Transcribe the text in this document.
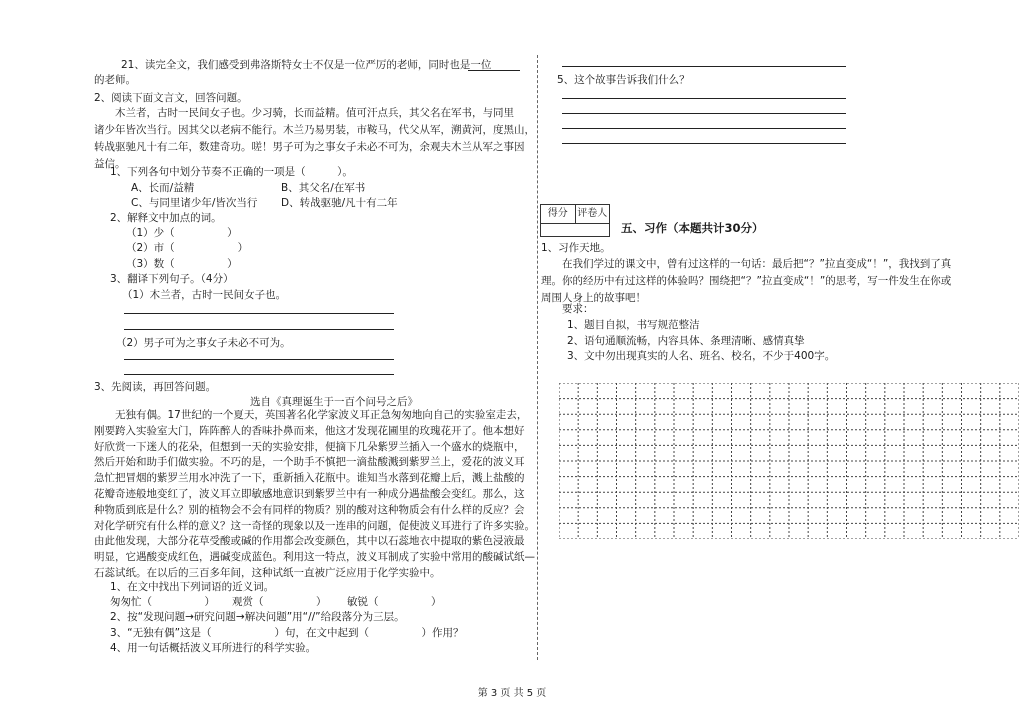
21、读完全文，我们感受到弗洛斯特女士不仅是一位严厉的老师，同时也是一位
的老师。
2、阅读下面文言文，回答问题。
　　木兰者，古时一民间女子也。少习骑，长而益精。值可汗点兵，其父名在军书，与同里
诸少年皆次当行。因其父以老病不能行。木兰乃易男装，市鞍马，代父从军，溯黄河，度黑山，
转战驱驰凡十有二年，数建奇功。嗟！男子可为之事女子未必不可为，余观夫木兰从军之事因
益信。
1、下列各句中划分节奏不正确的一项是（　　　）。
A、长而/益精	B、其父名/在军书
C、与同里诸少年/皆次当行 D、转战驱驰/凡十有二年
2、解释文中加点的词。
（1）少（　　　　　）
（2）市（　　　　　　）
（3）数（　　　　　）
3、翻译下列句子。（4分）
（1）木兰者，古时一民间女子也。
（2）男子可为之事女子未必不可为。
3、先阅读，再回答问题。
选自《真理诞生于一百个问号之后》
　　无独有偶。17世纪的一个夏天，英国著名化学家波义耳正急匆匆地向自己的实验室走去，
刚要跨入实验室大门，阵阵醉人的香味扑鼻而来，他这才发现花圃里的玫瑰花开了。他本想好
好欣赏一下迷人的花朵，但想到一天的实验安排，便摘下几朵紫罗兰插入一个盛水的烧瓶中，
然后开始和助手们做实验。不巧的是，一个助手不慎把一滴盐酸溅到紫罗兰上，爱花的波义耳
急忙把冒烟的紫罗兰用水冲洗了一下，重新插入花瓶中。谁知当水落到花瓣上后，溅上盐酸的
花瓣奇迹般地变红了，波义耳立即敏感地意识到紫罗兰中有一种成分遇盐酸会变红。那么，这
种物质到底是什么？别的植物会不会有同样的物质？别的酸对这种物质会有什么样的反应？会
对化学研究有什么样的意义？这一奇怪的现象以及一连串的问题，促使波义耳进行了许多实验。
由此他发现，大部分花草受酸或碱的作用都会改变颜色，其中以石蕊地衣中提取的紫色浸液最
明显，它遇酸变成红色，遇碱变成蓝色。利用这一特点，波义耳制成了实验中常用的酸碱试纸—
石蕊试纸。在以后的三百多年间，这种试纸一直被广泛应用于化学实验中。
1、在文中找出下列词语的近义词。
匆匆忙（　　　　　） 观赏（　　　　　） 敏锐（　　　　　）
2、按“发现问题→研究问题→解决问题”用“//”给段落分为三层。
3、“无独有偶”这是（　　　　　　）句，在文中起到（　　　　　）作用？
4、用一句话概括波义耳所进行的科学实验。
5、这个故事告诉我们什么？
得分 评卷人
五、习作（本题共计30分）
1、习作天地。
　　在我们学过的课文中，曾有过这样的一句话：最后把“？”拉直变成“！”，我找到了真
理。你的经历中有过这样的体验吗？围绕把“？”拉直变成“！”的思考，写一件发生在你或
周围人身上的故事吧！
　　要求：
1、题目自拟，书写规范整洁
2、语句通顺流畅，内容具体、条理清晰、感情真挚
3、文中勿出现真实的人名、班名、校名，不少于400字。
第 3 页 共 5 页
